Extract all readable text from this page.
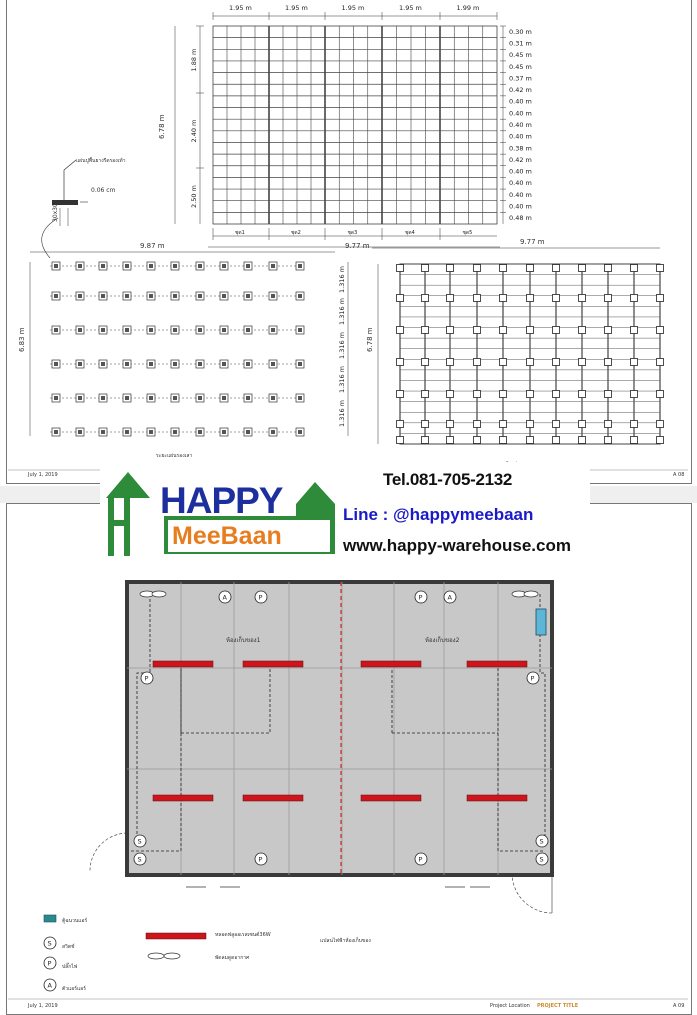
1.95 m	1.95 m	1.95 m	1.95 m	1.99 m
1.88 m
2.40 m
2.50 m
0.30 m
0.31 m
0.45 m
0.45 m
0.37 m
0.42 m
0.40 m
0.40 m
0.40 m
0.40 m
0.38 m
0.42 m
0.40 m
0.40 m
0.40 m
0.40 m
0.48 m
ชุด1	ชุด2	ชุด3	ชุด4	ชุด5
1.316 m
1.316 m
1.316 m
1.316 m
1.316 m
แผ่นปูพื้นยางรีดรองเท้า
0.06 cm
30x30
9.87 m	9.77 m	9.77 m
6.83 m	6.78 m
6.78 m
ระยะแผ่นรองเสา
July 1, 2019	A 08
A	P	P	A
P	P
S
S
S
S
P	P
S
P
A
ห้องเก็บของ1	ห้องเก็บของ2
ตู้ฉนวนแอร์
สวิตช์
ปลั๊กไฟ
ตัวแอร์แอร์
หลอดฟลูออเรสเซนต์36W
พัดลมดูดอากาศ
แปลนไฟฟ้าห้องเก็บของ
July 1, 2019	Project Location PROJECT TITLE	A 09
HAPPY
MeeBaan
Tel.081-705-2132
Line : @happymeebaan
www.happy-warehouse.com
